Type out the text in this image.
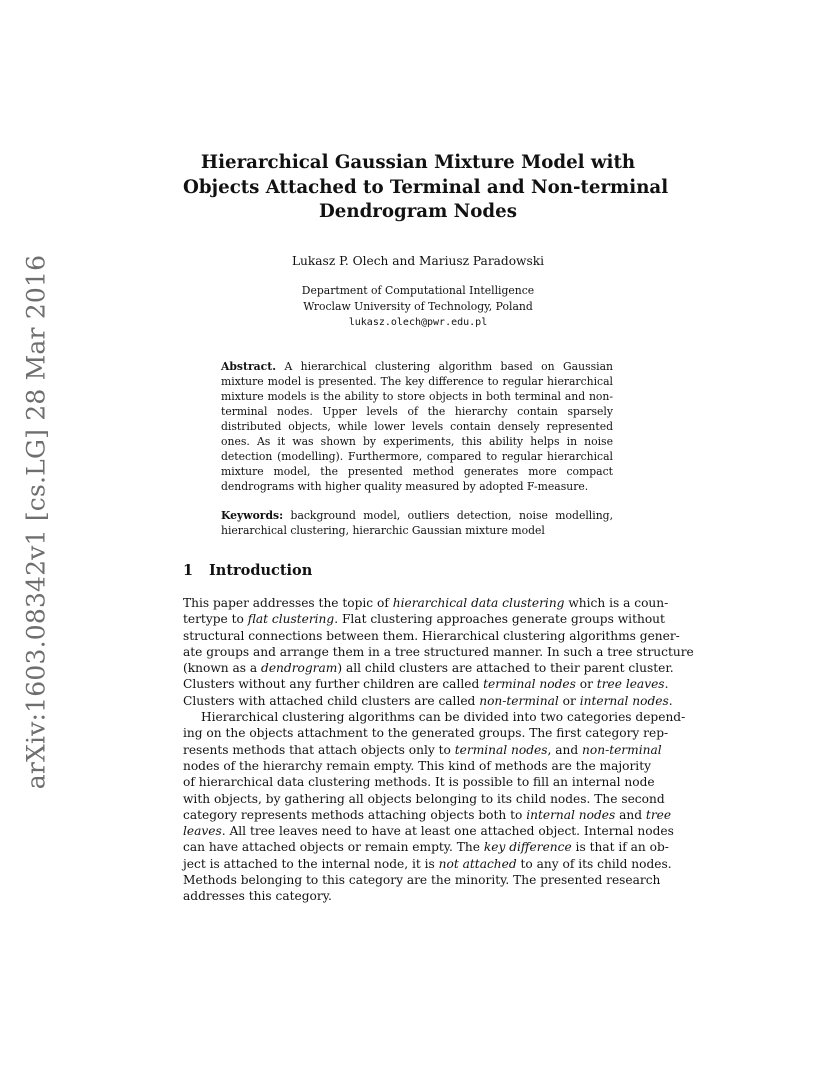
arXiv:1603.08342v1 [cs.LG] 28 Mar 2016
Hierarchical Gaussian Mixture Model with
Objects Attached to Terminal and Non-terminal
Dendrogram Nodes
Lukasz P. Olech and Mariusz Paradowski
Department of Computational Intelligence
Wroclaw University of Technology, Poland
lukasz.olech@pwr.edu.pl
Abstract. A hierarchical clustering algorithm based on Gaussian mixture model is presented. The key difference to regular hierarchical mixture models is the ability to store objects in both terminal and non-terminal nodes. Upper levels of the hierarchy contain sparsely distributed objects, while lower levels contain densely represented ones. As it was shown by experiments, this ability helps in noise detection (modelling). Furthermore, compared to regular hierarchical mixture model, the presented method generates more compact dendrograms with higher quality measured by adopted F-measure.
Keywords: background model, outliers detection, noise modelling, hierarchical clustering, hierarchic Gaussian mixture model
1 Introduction
This paper addresses the topic of hierarchical data clustering which is a coun-
tertype to flat clustering. Flat clustering approaches generate groups without
structural connections between them. Hierarchical clustering algorithms gener-
ate groups and arrange them in a tree structured manner. In such a tree structure
(known as a dendrogram) all child clusters are attached to their parent cluster.
Clusters without any further children are called terminal nodes or tree leaves.
Clusters with attached child clusters are called non-terminal or internal nodes.
Hierarchical clustering algorithms can be divided into two categories depend-
ing on the objects attachment to the generated groups. The first category rep-
resents methods that attach objects only to terminal nodes, and non-terminal
nodes of the hierarchy remain empty. This kind of methods are the majority
of hierarchical data clustering methods. It is possible to fill an internal node
with objects, by gathering all objects belonging to its child nodes. The second
category represents methods attaching objects both to internal nodes and tree
leaves. All tree leaves need to have at least one attached object. Internal nodes
can have attached objects or remain empty. The key difference is that if an ob-
ject is attached to the internal node, it is not attached to any of its child nodes.
Methods belonging to this category are the minority. The presented research
addresses this category.
